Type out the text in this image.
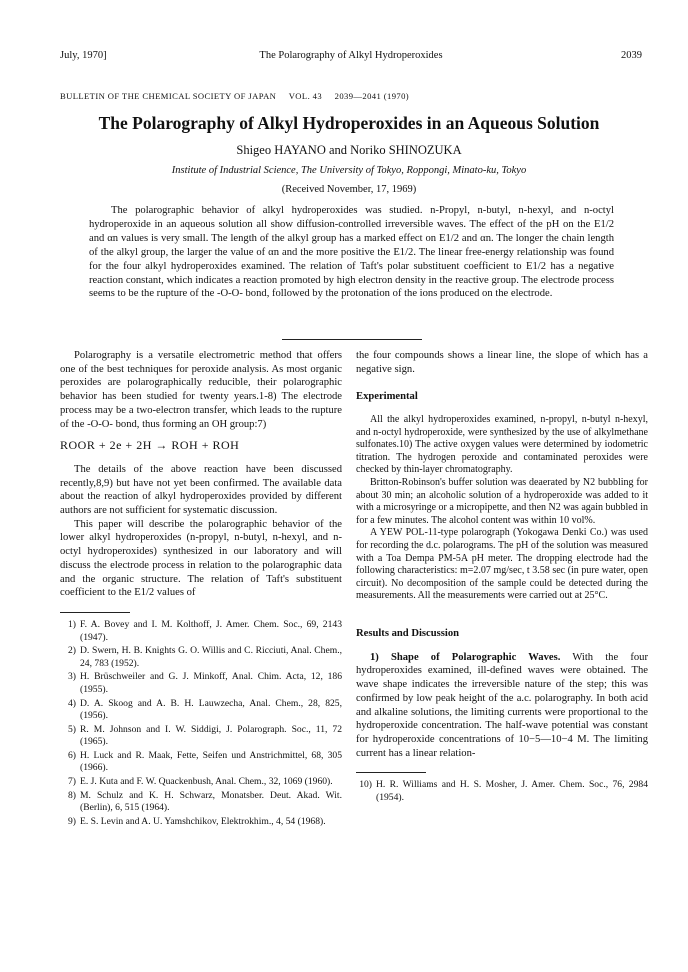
July, 1970]	The Polarography of Alkyl Hydroperoxides	2039
BULLETIN OF THE CHEMICAL SOCIETY OF JAPAN VOL. 43 2039—2041 (1970)
The Polarography of Alkyl Hydroperoxides in an Aqueous Solution
Shigeo HAYANO and Noriko SHINOZUKA
Institute of Industrial Science, The University of Tokyo, Roppongi, Minato-ku, Tokyo
(Received November, 17, 1969)

The polarographic behavior of alkyl hydroperoxides was studied. n-Propyl, n-butyl, n-hexyl, and n-octyl hydroperoxide in an aqueous solution all show diffusion-controlled irreversible waves. The effect of the pH on the E1/2 and αn values is very small. The length of the alkyl group has a marked effect on E1/2 and αn. The longer the chain length of the alkyl group, the larger the value of αn and the more positive the E1/2. The linear free-energy relationship was found for the four alkyl hydroperoxides examined. The relation of Taft's polar substituent coefficient to E1/2 has a negative reaction constant, which indicates a reaction promoted by high electron density in the reactive group. The electrode process seems to be the rupture of the -O-O- bond, followed by the protonation of the ions produced on the electrode.

Polarography is a versatile electrometric method that offers one of the best techniques for peroxide analysis. As most organic peroxides are polarographically reducible, their polarographic behavior has been studied for twenty years.1-8) The electrode process may be a two-electron transfer, which leads to the rupture of the -O-O- bond, thus forming an OH group:7)

ROOR + 2e + 2H → ROH + ROH

The details of the above reaction have been discussed recently,8,9) but have not yet been confirmed. The available data about the reaction of alkyl hydroperoxides provided by different authors are not sufficient for systematic discussion.

This paper will describe the polarographic behavior of the lower alkyl hydroperoxides (n-propyl, n-butyl, n-hexyl, and n-octyl hydroperoxides) synthesized in our laboratory and will discuss the electrode process in relation to the polarographic data and the organic structure. The relation of Taft's substituent coefficient to the E1/2 values of

1) F. A. Bovey and I. M. Kolthoff, J. Amer. Chem. Soc., 69, 2143 (1947).

2) D. Swern, H. B. Knights G. O. Willis and C. Ricciuti, Anal. Chem., 24, 783 (1952).

3) H. Brüschweiler and G. J. Minkoff, Anal. Chim. Acta, 12, 186 (1955).

4) D. A. Skoog and A. B. H. Lauwzecha, Anal. Chem., 28, 825, (1956).

5) R. M. Johnson and I. W. Siddigi, J. Polarograph. Soc., 11, 72 (1965).

6) H. Luck and R. Maak, Fette, Seifen und Anstrichmittel, 68, 305 (1966).

7) E. J. Kuta and F. W. Quackenbush, Anal. Chem., 32, 1069 (1960).

8) M. Schulz and K. H. Schwarz, Monatsber. Deut. Akad. Wit. (Berlin), 6, 515 (1964).

9) E. S. Levin and A. U. Yamshchikov, Elektrokhim., 4, 54 (1968).

the four compounds shows a linear line, the slope of which has a negative sign.

Experimental

All the alkyl hydroperoxides examined, n-propyl, n-butyl n-hexyl, and n-octyl hydroperoxide, were synthesized by the use of alkylmethane sulfonates.10) The active oxygen values were determined by iodometric titration. The hydrogen peroxide and contaminated peroxides were checked by thin-layer chromatography.

Britton-Robinson's buffer solution was deaerated by N2 bubbling for about 30 min; an alcoholic solution of a hydroperoxide was added to it with a microsyringe or a micropipette, and then N2 was again bubbled in for a few minutes. The alcohol content was within 10 vol%.

A YEW POL-11-type polarograph (Yokogawa Denki Co.) was used for recording the d.c. polarograms. The pH of the solution was measured with a Toa Dempa PM-5A pH meter. The dropping electrode had the following characteristics: m=2.07 mg/sec, t 3.58 sec (in pure water, open circuit). No decomposition of the sample could be detected during the measurements. All the measurements were carried out at 25°C.

Results and Discussion

1) Shape of Polarographic Waves. With the four hydroperoxides examined, ill-defined waves were obtained. The wave shape indicates the irreversible nature of the step; this was confirmed by low peak height of the a.c. polarography. In both acid and alkaline solutions, the limiting currents were proportional to the hydroperoxide concentration. The half-wave potential was constant for hydroperoxide concentrations of 10−5—10−4 M. The limiting current has a linear relation-

10) H. R. Williams and H. S. Mosher, J. Amer. Chem. Soc., 76, 2984 (1954).
